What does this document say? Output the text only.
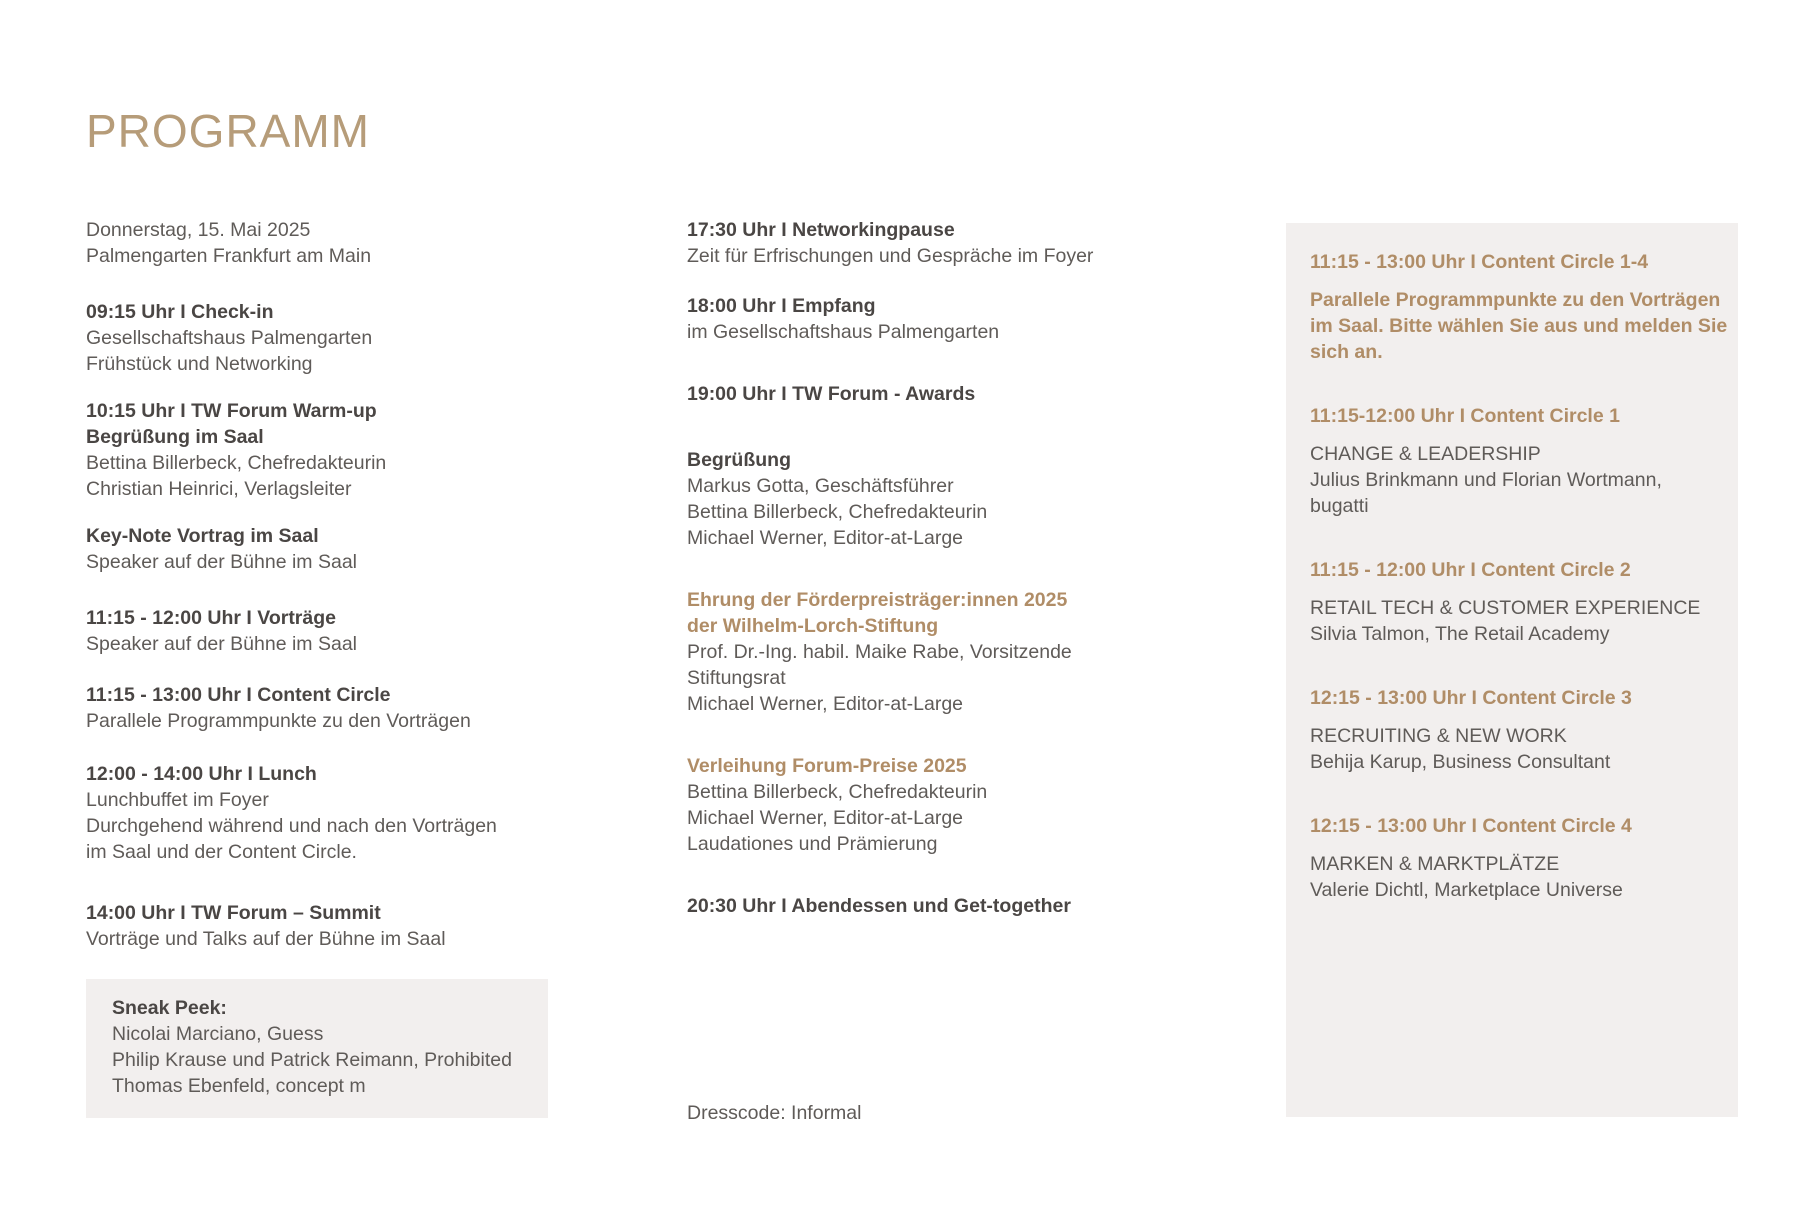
PROGRAMM
Donnerstag, 15. Mai 2025
Palmengarten Frankfurt am Main
09:15 Uhr I Check-in
Gesellschaftshaus Palmengarten
Frühstück und Networking
10:15 Uhr I TW Forum Warm-up
Begrüßung im Saal
Bettina Billerbeck, Chefredakteurin
Christian Heinrici, Verlagsleiter
Key-Note Vortrag im Saal
Speaker auf der Bühne im Saal
11:15 - 12:00 Uhr I Vorträge
Speaker auf der Bühne im Saal
11:15 - 13:00 Uhr I Content Circle
Parallele Programmpunkte zu den Vorträgen
12:00 - 14:00 Uhr I Lunch
Lunchbuffet im Foyer
Durchgehend während und nach den Vorträgen
im Saal und der Content Circle.
14:00 Uhr I TW Forum – Summit
Vorträge und Talks auf der Bühne im Saal
Sneak Peek:
Nicolai Marciano, Guess
Philip Krause und Patrick Reimann, Prohibited
Thomas Ebenfeld, concept m
17:30 Uhr I Networkingpause
Zeit für Erfrischungen und Gespräche im Foyer
18:00 Uhr I Empfang
im Gesellschaftshaus Palmengarten
19:00 Uhr I TW Forum - Awards
Begrüßung
Markus Gotta, Geschäftsführer
Bettina Billerbeck, Chefredakteurin
Michael Werner, Editor-at-Large
Ehrung der Förderpreisträger:innen 2025
der Wilhelm-Lorch-Stiftung
Prof. Dr.-Ing. habil. Maike Rabe, Vorsitzende
Stiftungsrat
Michael Werner, Editor-at-Large
Verleihung Forum-Preise 2025
Bettina Billerbeck, Chefredakteurin
Michael Werner, Editor-at-Large
Laudationes und Prämierung
20:30 Uhr I Abendessen und Get-together
Dresscode: Informal
11:15 - 13:00 Uhr I Content Circle 1-4
Parallele Programmpunkte zu den Vorträgen
im Saal. Bitte wählen Sie aus und melden Sie
sich an.
11:15-12:00 Uhr I Content Circle 1
CHANGE & LEADERSHIP
Julius Brinkmann und Florian Wortmann,
bugatti
11:15 - 12:00 Uhr I Content Circle 2
RETAIL TECH & CUSTOMER EXPERIENCE
Silvia Talmon, The Retail Academy
12:15 - 13:00 Uhr I Content Circle 3
RECRUITING & NEW WORK
Behija Karup, Business Consultant
12:15 - 13:00 Uhr I Content Circle 4
MARKEN & MARKTPLÄTZE
Valerie Dichtl, Marketplace Universe
